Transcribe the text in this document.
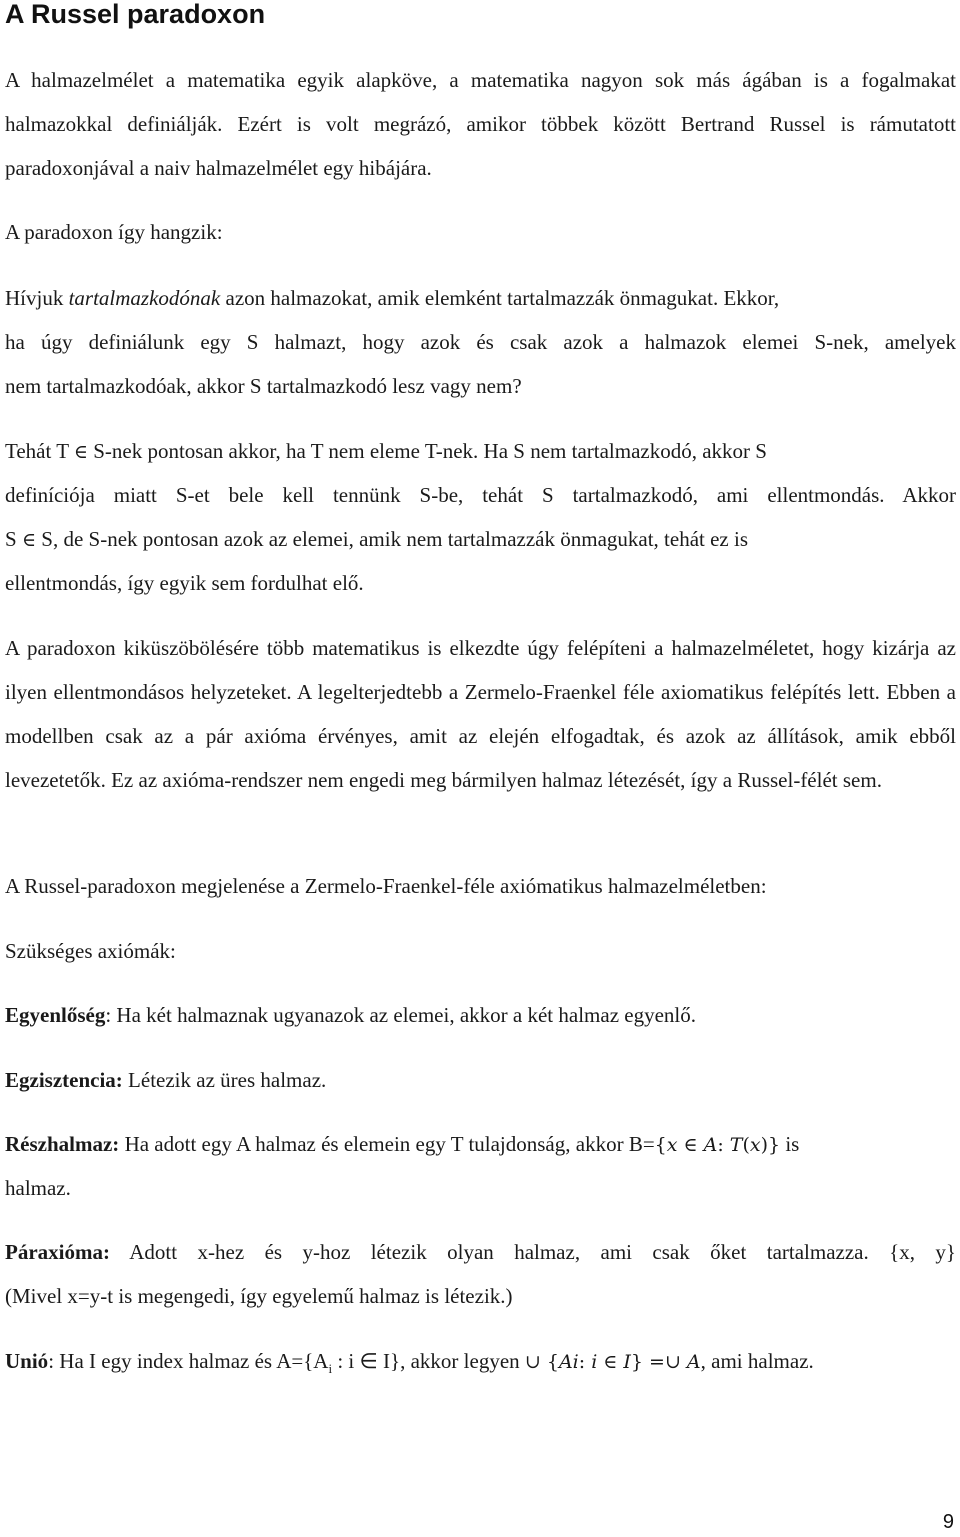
A Russel paradoxon

A halmazelmélet a matematika egyik alapköve, a matematika nagyon sok más ágában is a fogalmakat halmazokkal definiálják. Ezért is volt megrázó, amikor többek között Bertrand Russel is rámutatott paradoxonjával a naiv halmazelmélet egy hibájára.

A paradoxon így hangzik:

Hívjuk tartalmazkodónak azon halmazokat, amik elemként tartalmazzák önmagukat. Ekkor,

ha úgy definiálunk egy S halmazt, hogy azok és csak azok a halmazok elemei S-nek, amelyek

nem tartalmazkodóak, akkor S tartalmazkodó lesz vagy nem?

Tehát T ∈ S-nek pontosan akkor, ha T nem eleme T-nek. Ha S nem tartalmazkodó, akkor S

definíciója miatt S-et bele kell tennünk S-be, tehát S tartalmazkodó, ami ellentmondás. Akkor

S ∈ S, de S-nek pontosan azok az elemei, amik nem tartalmazzák önmagukat, tehát ez is

ellentmondás, így egyik sem fordulhat elő.

A paradoxon kiküszöbölésére több matematikus is elkezdte úgy felépíteni a halmazelméletet, hogy kizárja az ilyen ellentmondásos helyzeteket. A legelterjedtebb a Zermelo-Fraenkel féle axiomatikus felépítés lett. Ebben a modellben csak az a pár axióma érvényes, amit az elején elfogadtak, és azok az állítások, amik ebből levezetetők. Ez az axióma-rendszer nem engedi meg bármilyen halmaz létezését, így a Russel-félét sem.

A Russel-paradoxon megjelenése a Zermelo-Fraenkel-féle axiómatikus halmazelméletben:

Szükséges axiómák:

Egyenlőség: Ha két halmaznak ugyanazok az elemei, akkor a két halmaz egyenlő.

Egzisztencia: Létezik az üres halmaz.

Részhalmaz: Ha adott egy A halmaz és elemein egy T tulajdonság, akkor B={𝑥 ∈ 𝐴: 𝑇(𝑥)} is

halmaz.

Páraxióma: Adott x-hez és y-hoz létezik olyan halmaz, ami csak őket tartalmazza. {x, y}

(Mivel x=y-t is megengedi, így egyelemű halmaz is létezik.)

Unió: Ha I egy index halmaz és $A=\{A_i$ : i ∈ I}, akkor legyen ∪ {𝐴𝑖: 𝑖 ∈ 𝐼} =∪ 𝐴, ami halmaz.

9
